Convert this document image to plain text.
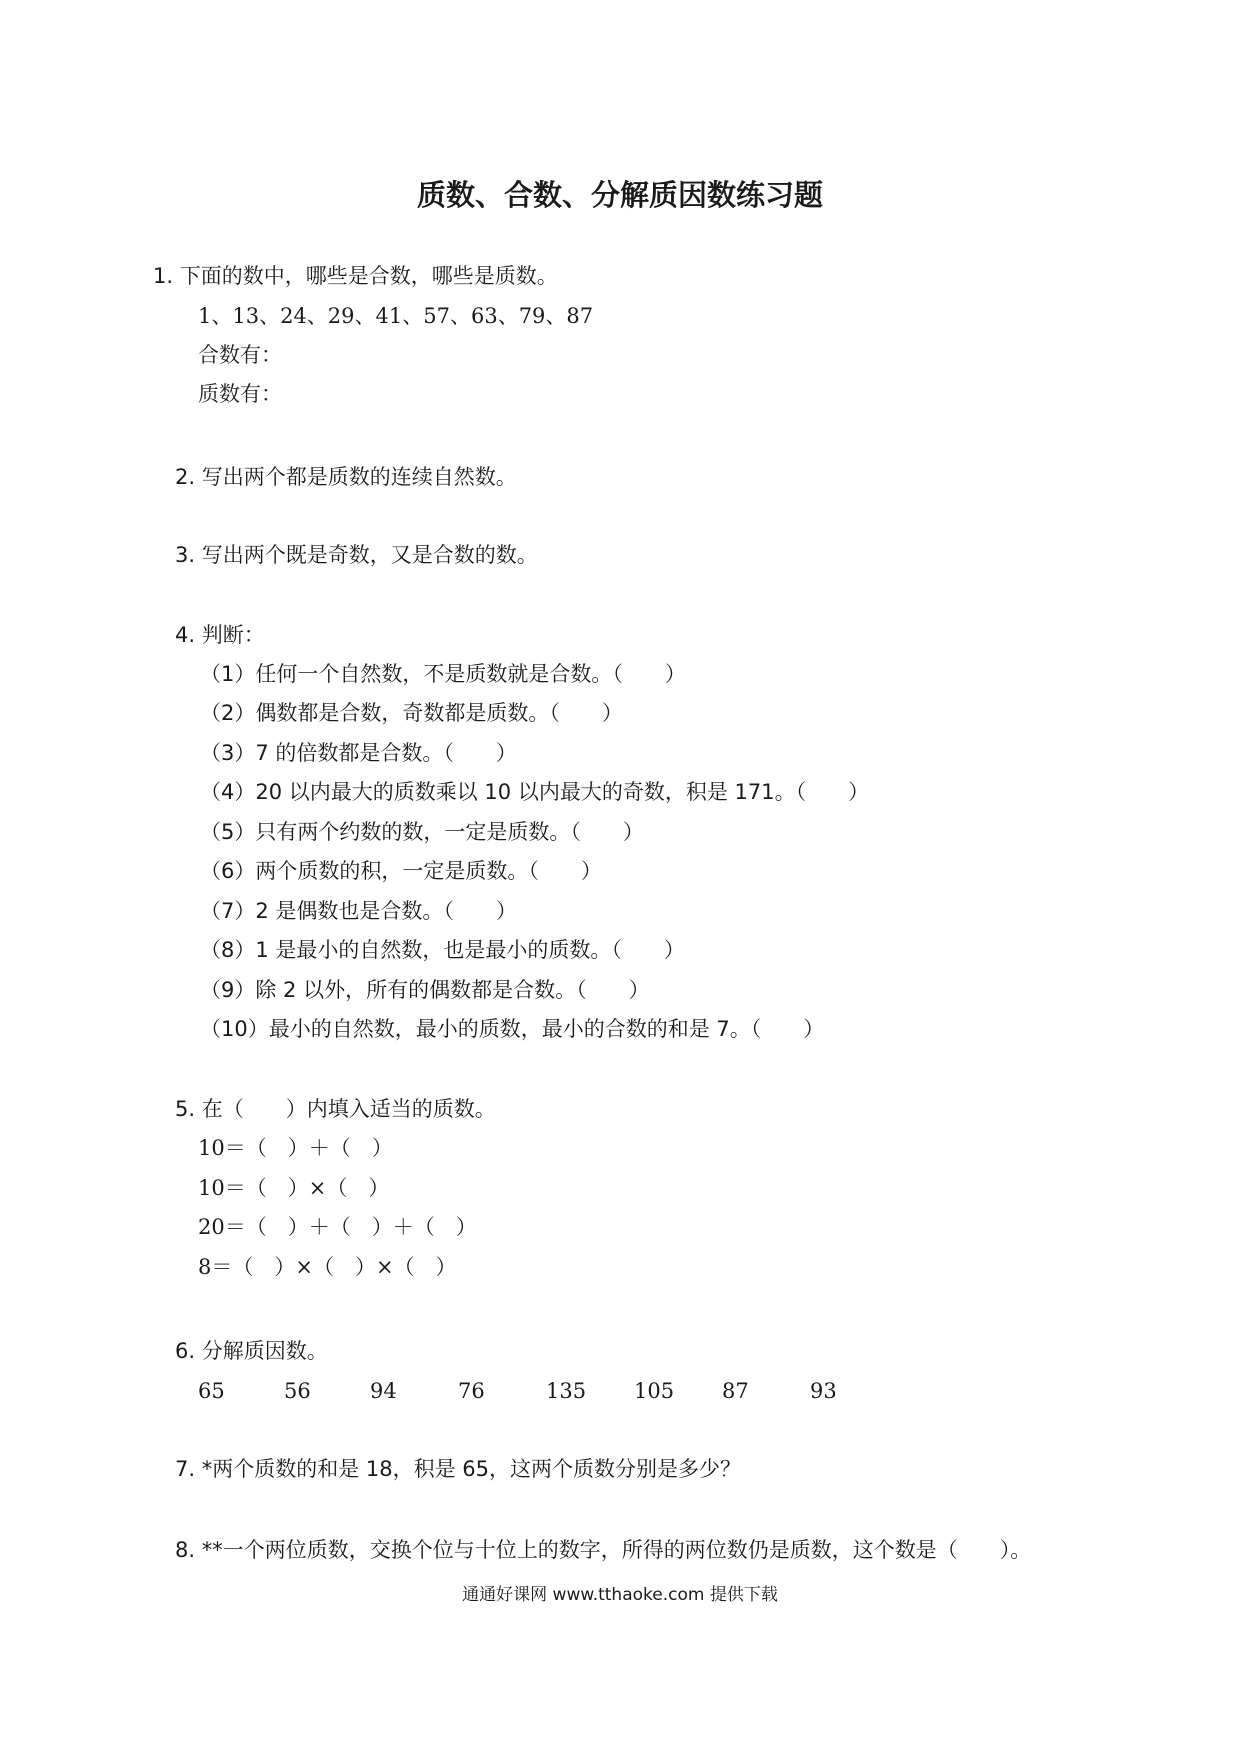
质数、合数、分解质因数练习题
1. 下面的数中，哪些是合数，哪些是质数。
1、13、24、29、41、57、63、79、87
合数有：
质数有：
2. 写出两个都是质数的连续自然数。
3. 写出两个既是奇数，又是合数的数。
4. 判断：
（1）任何一个自然数，不是质数就是合数。（　　）
（2）偶数都是合数，奇数都是质数。（　　）
（3）7 的倍数都是合数。（　　）
（4）20 以内最大的质数乘以 10 以内最大的奇数，积是 171。（　　）
（5）只有两个约数的数，一定是质数。（　　）
（6）两个质数的积，一定是质数。（　　）
（7）2 是偶数也是合数。（　　）
（8）1 是最小的自然数，也是最小的质数。（　　）
（9）除 2 以外，所有的偶数都是合数。（　　）
（10）最小的自然数，最小的质数，最小的合数的和是 7。（　　）
5. 在（　　）内填入适当的质数。
10＝（　）＋（　）
10＝（　）×（　）
20＝（　）＋（　）＋（　）
8＝（　）×（　）×（　）
6. 分解质因数。
65	56	94	76	135 105 87	93
7. *两个质数的和是 18，积是 65，这两个质数分别是多少？
8. **一个两位质数，交换个位与十位上的数字，所得的两位数仍是质数，这个数是（　　）。
通通好课网 www.tthaoke.com 提供下载
